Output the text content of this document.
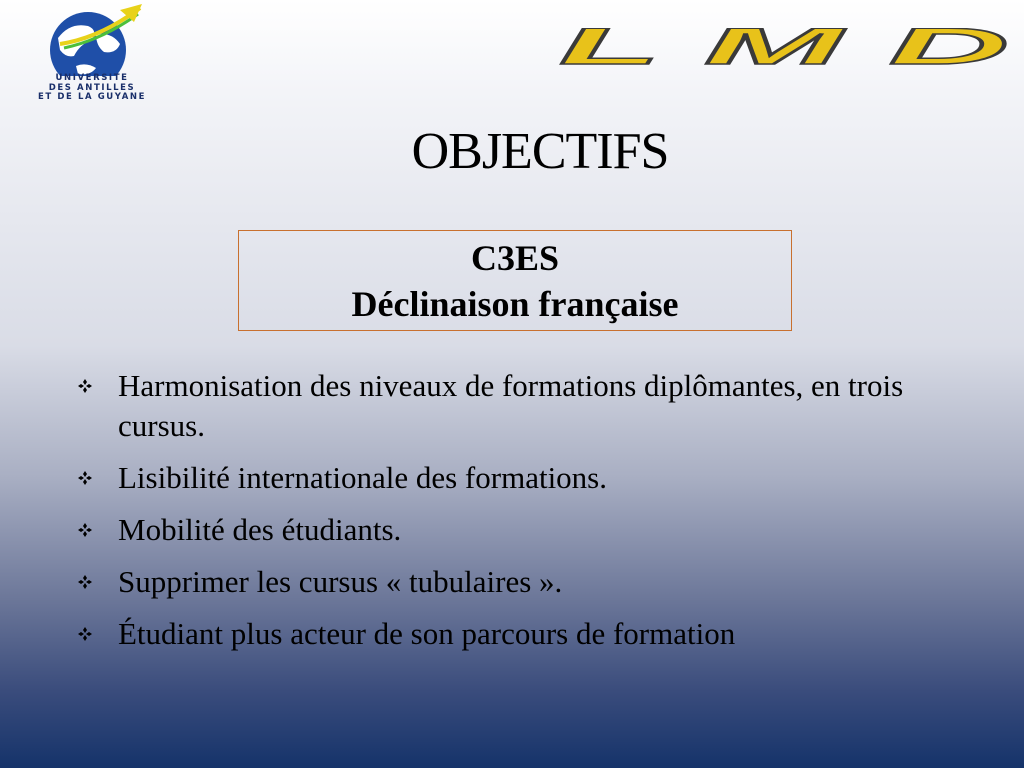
UNIVERSITE
DES ANTILLES
ET DE LA GUYANE
L M D
OBJECTIFS
C3ES
Déclinaison française
Harmonisation des niveaux de formations diplômantes, en trois cursus.
Lisibilité internationale des formations.
Mobilité des étudiants.
Supprimer les cursus « tubulaires ».
Étudiant plus acteur de son parcours de formation
